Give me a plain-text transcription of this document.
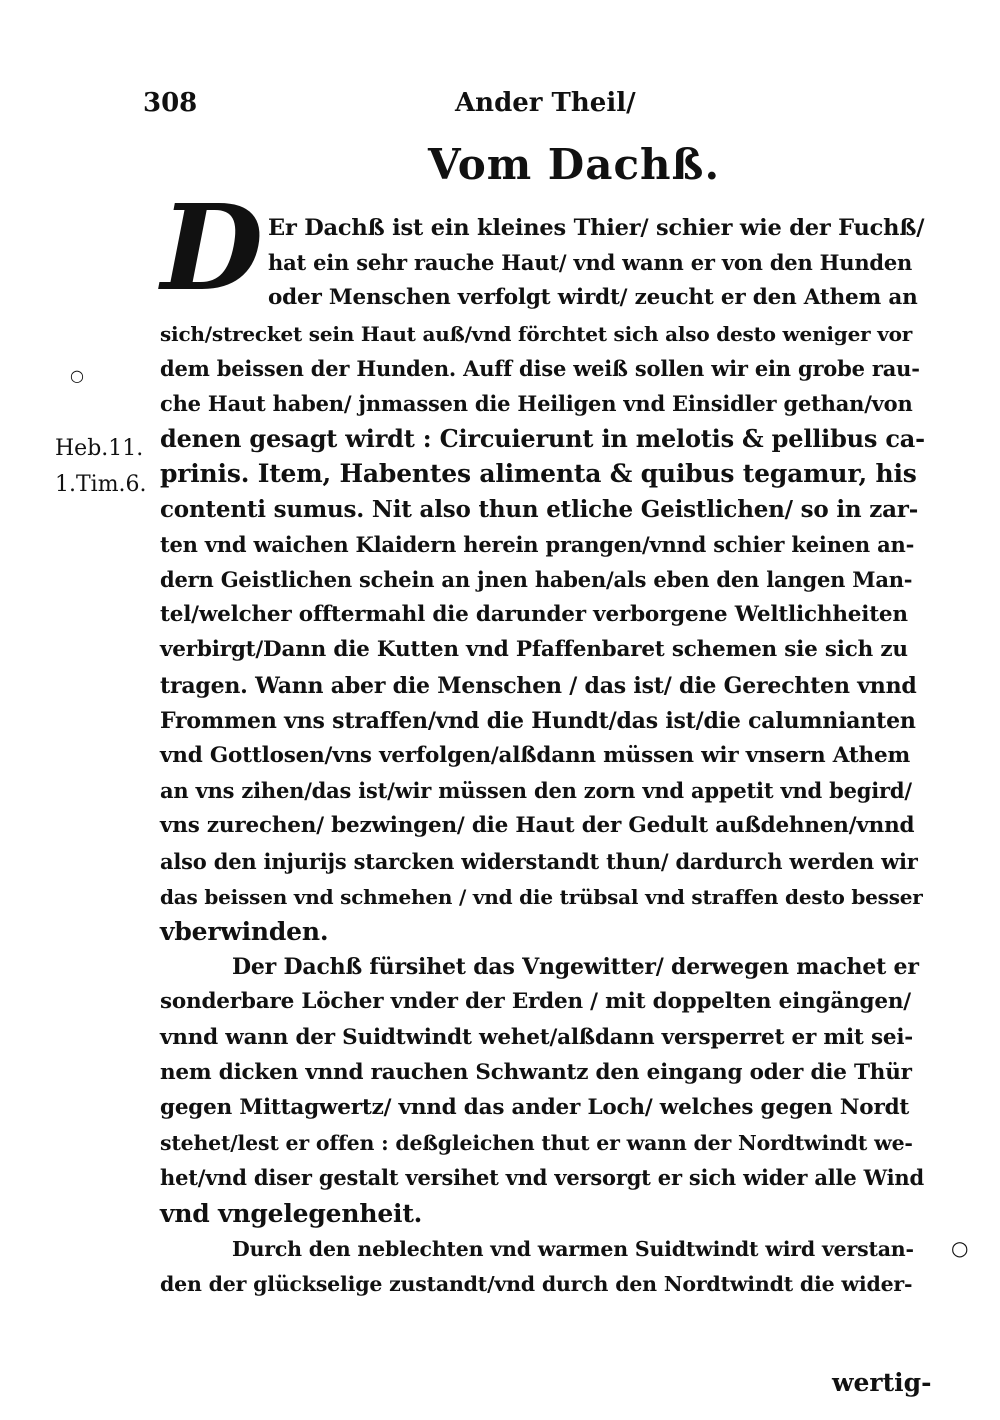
308	Ander Theil/
Vom Dachß.
D
Heb.11.
1.Tim.6.
○
○
Er Dachß ist ein kleines Thier/ schier wie der Fuchß/
hat ein sehr rauche Haut/ vnd wann er von den Hunden
oder Menschen verfolgt wirdt/ zeucht er den Athem an
sich/strecket sein Haut auß/vnd förchtet sich also desto weniger vor
dem beissen der Hunden. Auff dise weiß sollen wir ein grobe rau-
che Haut haben/ jnmassen die Heiligen vnd Einsidler gethan/von
denen gesagt wirdt : Circuierunt in melotis & pellibus ca-
prinis. Item, Habentes alimenta & quibus tegamur, his
contenti sumus. Nit also thun etliche Geistlichen/ so in zar-
ten vnd waichen Klaidern herein prangen/vnnd schier keinen an-
dern Geistlichen schein an jnen haben/als eben den langen Man-
tel/welcher offtermahl die darunder verborgene Weltlichheiten
verbirgt/Dann die Kutten vnd Pfaffenbaret schemen sie sich zu
tragen. Wann aber die Menschen / das ist/ die Gerechten vnnd
Frommen vns straffen/vnd die Hundt/das ist/die calumnianten
vnd Gottlosen/vns verfolgen/alßdann müssen wir vnsern Athem
an vns zihen/das ist/wir müssen den zorn vnd appetit vnd begird/
vns zurechen/ bezwingen/ die Haut der Gedult außdehnen/vnnd
also den injurijs starcken widerstandt thun/ dardurch werden wir
das beissen vnd schmehen / vnd die trübsal vnd straffen desto besser
vberwinden.
Der Dachß fürsihet das Vngewitter/ derwegen machet er
sonderbare Löcher vnder der Erden / mit doppelten eingängen/
vnnd wann der Suidtwindt wehet/alßdann versperret er mit sei-
nem dicken vnnd rauchen Schwantz den eingang oder die Thür
gegen Mittagwertz/ vnnd das ander Loch/ welches gegen Nordt
stehet/lest er offen : deßgleichen thut er wann der Nordtwindt we-
het/vnd diser gestalt versihet vnd versorgt er sich wider alle Wind
vnd vngelegenheit.
Durch den neblechten vnd warmen Suidtwindt wird verstan-
den der glückselige zustandt/vnd durch den Nordtwindt die wider-
wertig-
